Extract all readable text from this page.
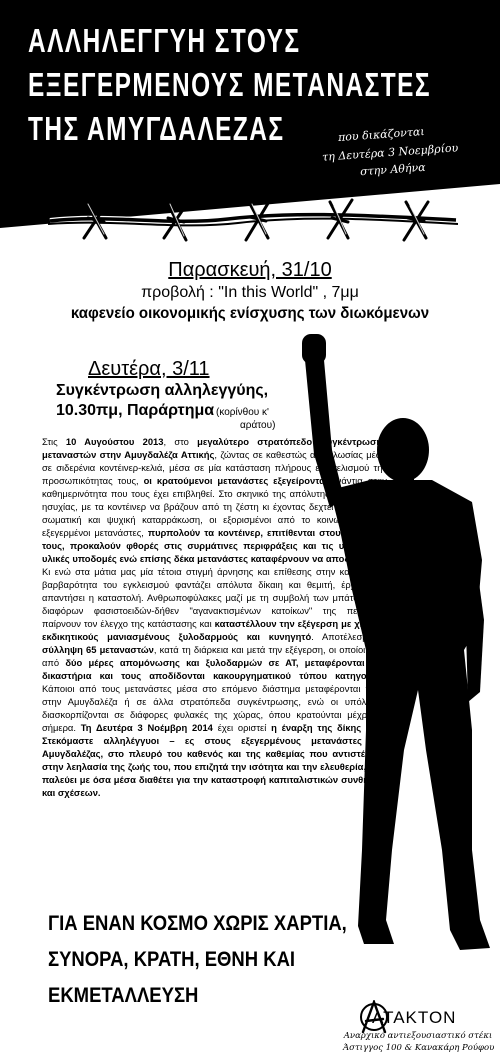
ΑΛΛΗΛΕΓΓΥΗ ΣΤΟΥΣ
ΕΞΕΓΕΡΜΕΝΟΥΣ ΜΕΤΑΝΑΣΤΕΣ
ΤΗΣ ΑΜΥΓΔΑΛΕΖΑΣ	που δικάζονται
τη Δευτέρα 3 Νοεμβρίου
στην Αθήνα
Παρασκευή, 31/10
προβολή : "In this World" , 7μμ
καφενείο οικονομικής ενίσχυσης των διωκόμενων
Δευτέρα, 3/11
Συγκέντρωση αλληλεγγύης,
10.30πμ, Παράρτημα (κορίνθου κ'
αράτου)

Στις 10 Αυγούστου 2013, στο μεγαλύτερο στρατόπεδο συγκέντρωσης μεταναστών στην Αμυγδαλέζα Αττικής, ζώντας σε καθεστώς αιχμαλωσίας μέσα σε σιδερένια κοντέινερ-κελιά, μέσα σε μία κατάσταση πλήρους εξευτελισμού της προσωπικότητας τους, οι κρατούμενοι μετανάστες εξεγείρονται ενάντια στην καθημερινότητα που τους έχει επιβληθεί. Στο σκηνικό της απόλυτης καλοκαιρινής ησυχίας, με τα κοντέινερ να βράζουν από τη ζέστη κι έχοντας δεχτεί πολλάκις τη σωματική και ψυχική καταρράκωση, οι εξορισμένοι από το κοινωνικό πεδίο εξεγερμένοι μετανάστες, πυρπολούν τα κοντέινερ, επιτίθενται στους φύλακές τους, προκαλούν φθορές στις συρμάτινες περιφράξεις και τις υπόλοιπες υλικές υποδομές ενώ επίσης δέκα μετανάστες καταφέρνουν να αποδράσουν. Κι ενώ στα μάτια μας μία τέτοια στιγμή άρνησης και επίθεσης στην καθημερινή βαρβαρότητα του εγκλεισμού φαντάζει απόλυτα δίκαιη και θεμιτή, έρχεται να απαντήσει η καταστολή. Ανθρωποφύλακες μαζί με τη συμβολή των μπάτσων και διαφόρων φασιστοειδών-δήθεν "αγανακτισμένων κατοίκων" της περιοχής, παίρνουν τον έλεγχο της κατάστασης και καταστέλλουν την εξέγερση με χημικά, εκδικητικούς μανιασμένους ξυλοδαρμούς και κυνηγητό. Αποτέλεσμα η σύλληψη 65 μεταναστών, κατά τη διάρκεια και μετά την εξέγερση, οι οποίοι μετά από δύο μέρες απομόνωσης και ξυλοδαρμών σε ΑΤ, μεταφέρονται στα δικαστήρια και τους αποδίδονται κακουργηματικού τύπου κατηγορίες. Κάποιοι από τους μετανάστες μέσα στο επόμενο διάστημα μεταφέρονται πίσω στην Αμυγδαλέζα ή σε άλλα στρατόπεδα συγκέντρωσης, ενώ οι υπόλοιποι διασκορπίζονται σε διάφορες φυλακές της χώρας, όπου κρατούνται μέχρι και σήμερα. Τη Δευτέρα 3 Νοέμβρη 2014 έχει οριστεί η έναρξη της δίκης τους. Στεκόμαστε αλληλέγγυοι – ες στους εξεγερμένους μετανάστες της Αμυγδαλέζας, στο πλευρό του καθενός και της καθεμίας που αντιστέκεται στην λεηλασία της ζωής του, που επιζητά την ισότητα και την ελευθερία, που παλεύει με όσα μέσα διαθέτει για την καταστροφή καπιταλιστικών συνθηκών και σχέσεων.

ΓΙΑ ΕΝΑΝ ΚΟΣΜΟ ΧΩΡΙΣ ΧΑΡΤΙΑ,
ΣΥΝΟΡΑ, ΚΡΑΤΗ, ΕΘΝΗ ΚΑΙ
ΕΚΜΕΤΑΛΛΕΥΣΗ
ΑΤΑΚΤΟΝ
Αναρχικό αντιεξουσιαστικό στέκι
Άστιγγος 100 & Κανακάρη Ρούφου
